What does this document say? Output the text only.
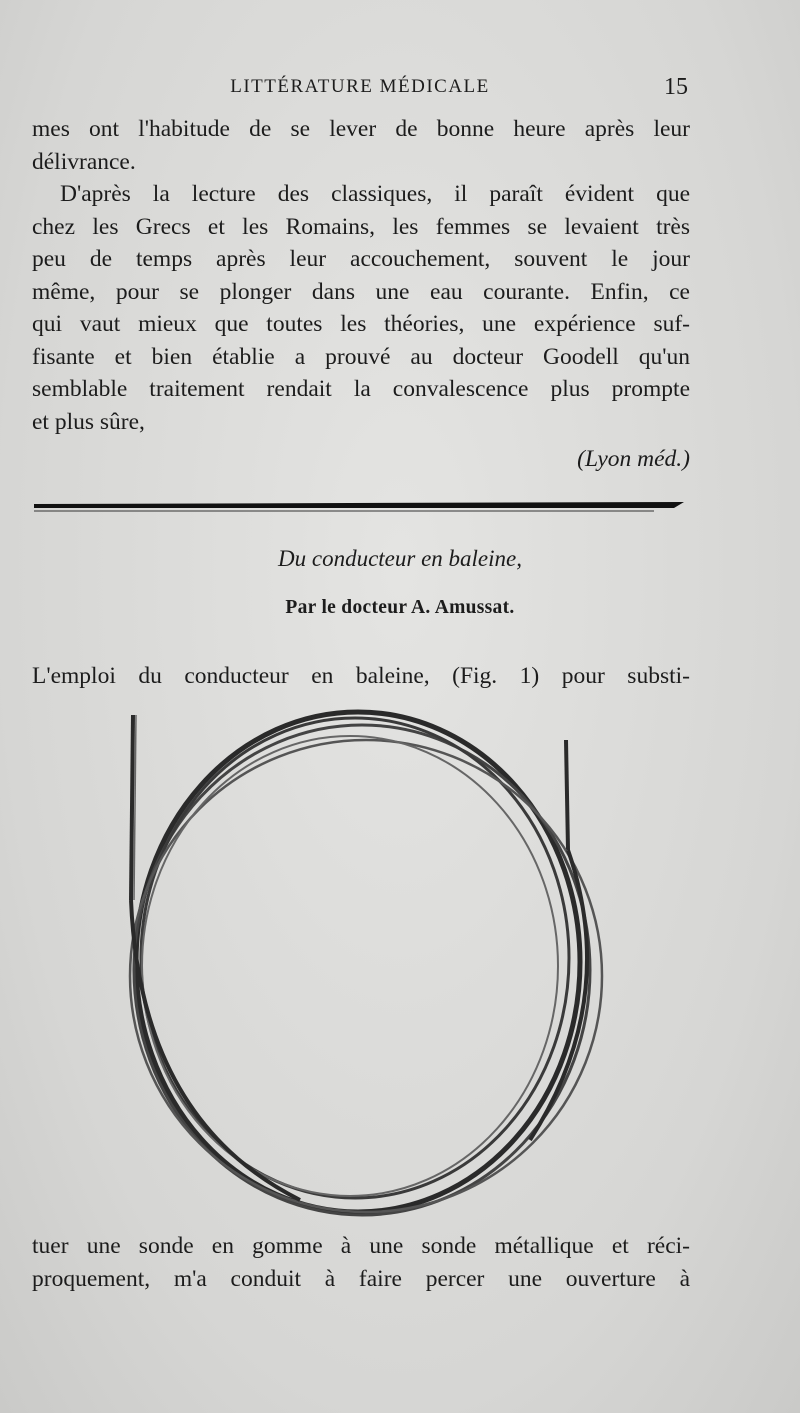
LITTÉRATURE MÉDICALE	15
mes ont l'habitude de se lever de bonne heure après leur
délivrance.
D'après la lecture des classiques, il paraît évident que
chez les Grecs et les Romains, les femmes se levaient très
peu de temps après leur accouchement, souvent le jour
même, pour se plonger dans une eau courante. Enfin, ce
qui vaut mieux que toutes les théories, une expérience suf-
fisante et bien établie a prouvé au docteur Goodell qu'un
semblable traitement rendait la convalescence plus prompte
et plus sûre,
(Lyon méd.)
Du conducteur en baleine,
Par le docteur A. Amussat.
L'emploi du conducteur en baleine, (Fig. 1) pour substi-
tuer une sonde en gomme à une sonde métallique et réci-
proquement, m'a conduit à faire percer une ouverture à
